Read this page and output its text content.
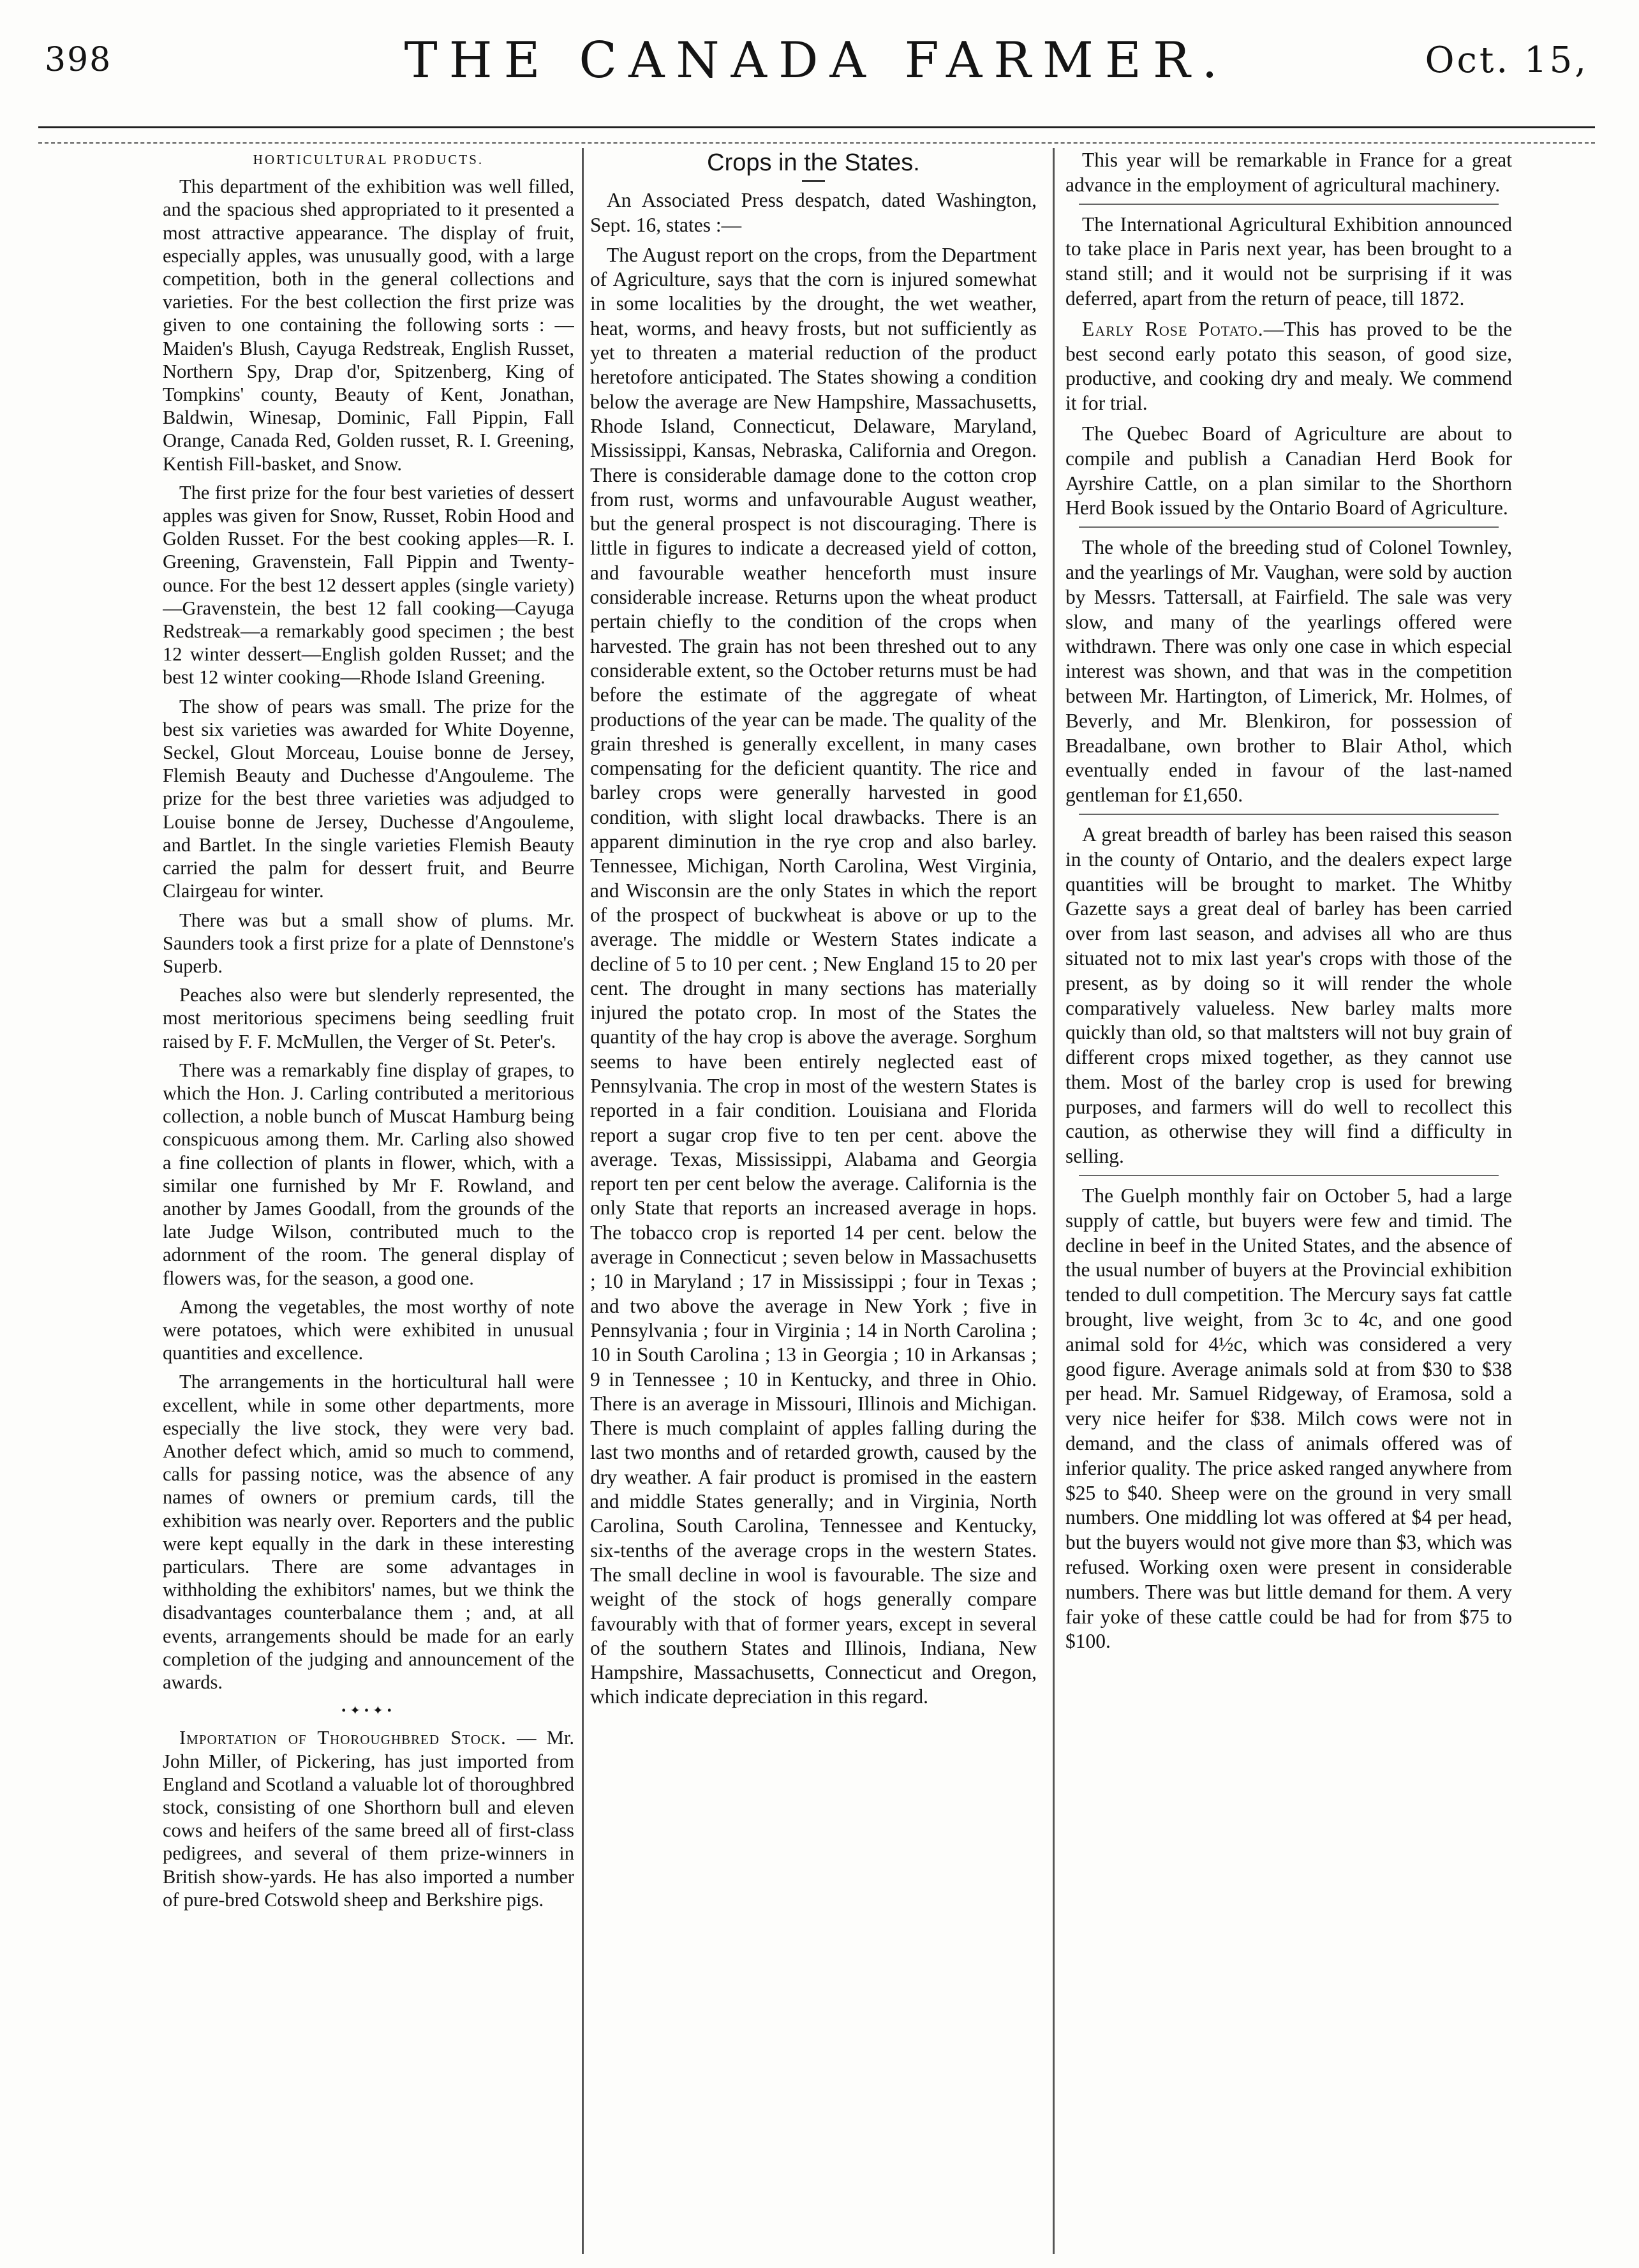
398	THE CANADA FARMER.	Oct. 15,
HORTICULTURAL PRODUCTS.

This department of the exhibition was well filled, and the spacious shed appropriated to it presented a most attractive appearance. The display of fruit, especially apples, was unusually good, with a large competition, both in the general collections and varieties. For the best collection the first prize was given to one containing the following sorts : —Maiden's Blush, Cayuga Redstreak, English Russet, Northern Spy, Drap d'or, Spitzenberg, King of Tompkins' county, Beauty of Kent, Jonathan, Baldwin, Winesap, Dominic, Fall Pippin, Fall Orange, Canada Red, Golden russet, R. I. Greening, Kentish Fill-basket, and Snow.

The first prize for the four best varieties of dessert apples was given for Snow, Russet, Robin Hood and Golden Russet. For the best cooking apples—R. I. Greening, Gravenstein, Fall Pippin and Twenty-ounce. For the best 12 dessert apples (single variety)—Gravenstein, the best 12 fall cooking—Cayuga Redstreak—a remarkably good specimen ; the best 12 winter dessert—English golden Russet; and the best 12 winter cooking—Rhode Island Greening.

The show of pears was small. The prize for the best six varieties was awarded for White Doyenne, Seckel, Glout Morceau, Louise bonne de Jersey, Flemish Beauty and Duchesse d'Angouleme. The prize for the best three varieties was adjudged to Louise bonne de Jersey, Duchesse d'Angouleme, and Bartlet. In the single varieties Flemish Beauty carried the palm for dessert fruit, and Beurre Clairgeau for winter.

There was but a small show of plums. Mr. Saunders took a first prize for a plate of Dennstone's Superb.

Peaches also were but slenderly represented, the most meritorious specimens being seedling fruit raised by F. F. McMullen, the Verger of St. Peter's.

There was a remarkably fine display of grapes, to which the Hon. J. Carling contributed a meritorious collection, a noble bunch of Muscat Hamburg being conspicuous among them. Mr. Carling also showed a fine collection of plants in flower, which, with a similar one furnished by Mr F. Rowland, and another by James Goodall, from the grounds of the late Judge Wilson, contributed much to the adornment of the room. The general display of flowers was, for the season, a good one.

Among the vegetables, the most worthy of note were potatoes, which were exhibited in unusual quantities and excellence.

The arrangements in the horticultural hall were excellent, while in some other departments, more especially the live stock, they were very bad. Another defect which, amid so much to commend, calls for passing notice, was the absence of any names of owners or premium cards, till the exhibition was nearly over. Reporters and the public were kept equally in the dark in these interesting particulars. There are some advantages in withholding the exhibitors' names, but we think the disadvantages counterbalance them ; and, at all events, arrangements should be made for an early completion of the judging and announcement of the awards.

•✦•✦•

Importation of Thoroughbred Stock. — Mr. John Miller, of Pickering, has just imported from England and Scotland a valuable lot of thoroughbred stock, consisting of one Shorthorn bull and eleven cows and heifers of the same breed all of first-class pedigrees, and several of them prize-winners in British show-yards. He has also imported a number of pure-bred Cotswold sheep and Berkshire pigs.

Crops in the States.

An Associated Press despatch, dated Washington, Sept. 16, states :—

The August report on the crops, from the Department of Agriculture, says that the corn is injured somewhat in some localities by the drought, the wet weather, heat, worms, and heavy frosts, but not sufficiently as yet to threaten a material reduction of the product heretofore anticipated. The States showing a condition below the average are New Hampshire, Massachusetts, Rhode Island, Connecticut, Delaware, Maryland, Mississippi, Kansas, Nebraska, California and Oregon. There is considerable damage done to the cotton crop from rust, worms and unfavourable August weather, but the general prospect is not discouraging. There is little in figures to indicate a decreased yield of cotton, and favourable weather henceforth must insure considerable increase. Returns upon the wheat product pertain chiefly to the condition of the crops when harvested. The grain has not been threshed out to any considerable extent, so the October returns must be had before the estimate of the aggregate of wheat productions of the year can be made. The quality of the grain threshed is generally excellent, in many cases compensating for the deficient quantity. The rice and barley crops were generally harvested in good condition, with slight local drawbacks. There is an apparent diminution in the rye crop and also barley. Tennessee, Michigan, North Carolina, West Virginia, and Wisconsin are the only States in which the report of the prospect of buckwheat is above or up to the average. The middle or Western States indicate a decline of 5 to 10 per cent. ; New England 15 to 20 per cent. The drought in many sections has materially injured the potato crop. In most of the States the quantity of the hay crop is above the average. Sorghum seems to have been entirely neglected east of Pennsylvania. The crop in most of the western States is reported in a fair condition. Louisiana and Florida report a sugar crop five to ten per cent. above the average. Texas, Mississippi, Alabama and Georgia report ten per cent below the average. California is the only State that reports an increased average in hops. The tobacco crop is reported 14 per cent. below the average in Connecticut ; seven below in Massachusetts ; 10 in Maryland ; 17 in Mississippi ; four in Texas ; and two above the average in New York ; five in Pennsylvania ; four in Virginia ; 14 in North Carolina ; 10 in South Carolina ; 13 in Georgia ; 10 in Arkansas ; 9 in Tennessee ; 10 in Kentucky, and three in Ohio. There is an average in Missouri, Illinois and Michigan. There is much complaint of apples falling during the last two months and of retarded growth, caused by the dry weather. A fair product is promised in the eastern and middle States generally; and in Virginia, North Carolina, South Carolina, Tennessee and Kentucky, six-tenths of the average crops in the western States. The small decline in wool is favourable. The size and weight of the stock of hogs generally compare favourably with that of former years, except in several of the southern States and Illinois, Indiana, New Hampshire, Massachusetts, Connecticut and Oregon, which indicate depreciation in this regard.

This year will be remarkable in France for a great advance in the employment of agricultural machinery.

The International Agricultural Exhibition announced to take place in Paris next year, has been brought to a stand still; and it would not be surprising if it was deferred, apart from the return of peace, till 1872.

Early Rose Potato.—This has proved to be the best second early potato this season, of good size, productive, and cooking dry and mealy. We commend it for trial.

The Quebec Board of Agriculture are about to compile and publish a Canadian Herd Book for Ayrshire Cattle, on a plan similar to the Shorthorn Herd Book issued by the Ontario Board of Agriculture.

The whole of the breeding stud of Colonel Townley, and the yearlings of Mr. Vaughan, were sold by auction by Messrs. Tattersall, at Fairfield. The sale was very slow, and many of the yearlings offered were withdrawn. There was only one case in which especial interest was shown, and that was in the competition between Mr. Hartington, of Limerick, Mr. Holmes, of Beverly, and Mr. Blenkiron, for possession of Breadalbane, own brother to Blair Athol, which eventually ended in favour of the last-named gentleman for £1,650.

A great breadth of barley has been raised this season in the county of Ontario, and the dealers expect large quantities will be brought to market. The Whitby Gazette says a great deal of barley has been carried over from last season, and advises all who are thus situated not to mix last year's crops with those of the present, as by doing so it will render the whole comparatively valueless. New barley malts more quickly than old, so that maltsters will not buy grain of different crops mixed together, as they cannot use them. Most of the barley crop is used for brewing purposes, and farmers will do well to recollect this caution, as otherwise they will find a difficulty in selling.

The Guelph monthly fair on October 5, had a large supply of cattle, but buyers were few and timid. The decline in beef in the United States, and the absence of the usual number of buyers at the Provincial exhibition tended to dull competition. The Mercury says fat cattle brought, live weight, from 3c to 4c, and one good animal sold for 4½c, which was considered a very good figure. Average animals sold at from $30 to $38 per head. Mr. Samuel Ridgeway, of Eramosa, sold a very nice heifer for $38. Milch cows were not in demand, and the class of animals offered was of inferior quality. The price asked ranged anywhere from $25 to $40. Sheep were on the ground in very small numbers. One middling lot was offered at $4 per head, but the buyers would not give more than $3, which was refused. Working oxen were present in considerable numbers. There was but little demand for them. A very fair yoke of these cattle could be had for from $75 to $100.
